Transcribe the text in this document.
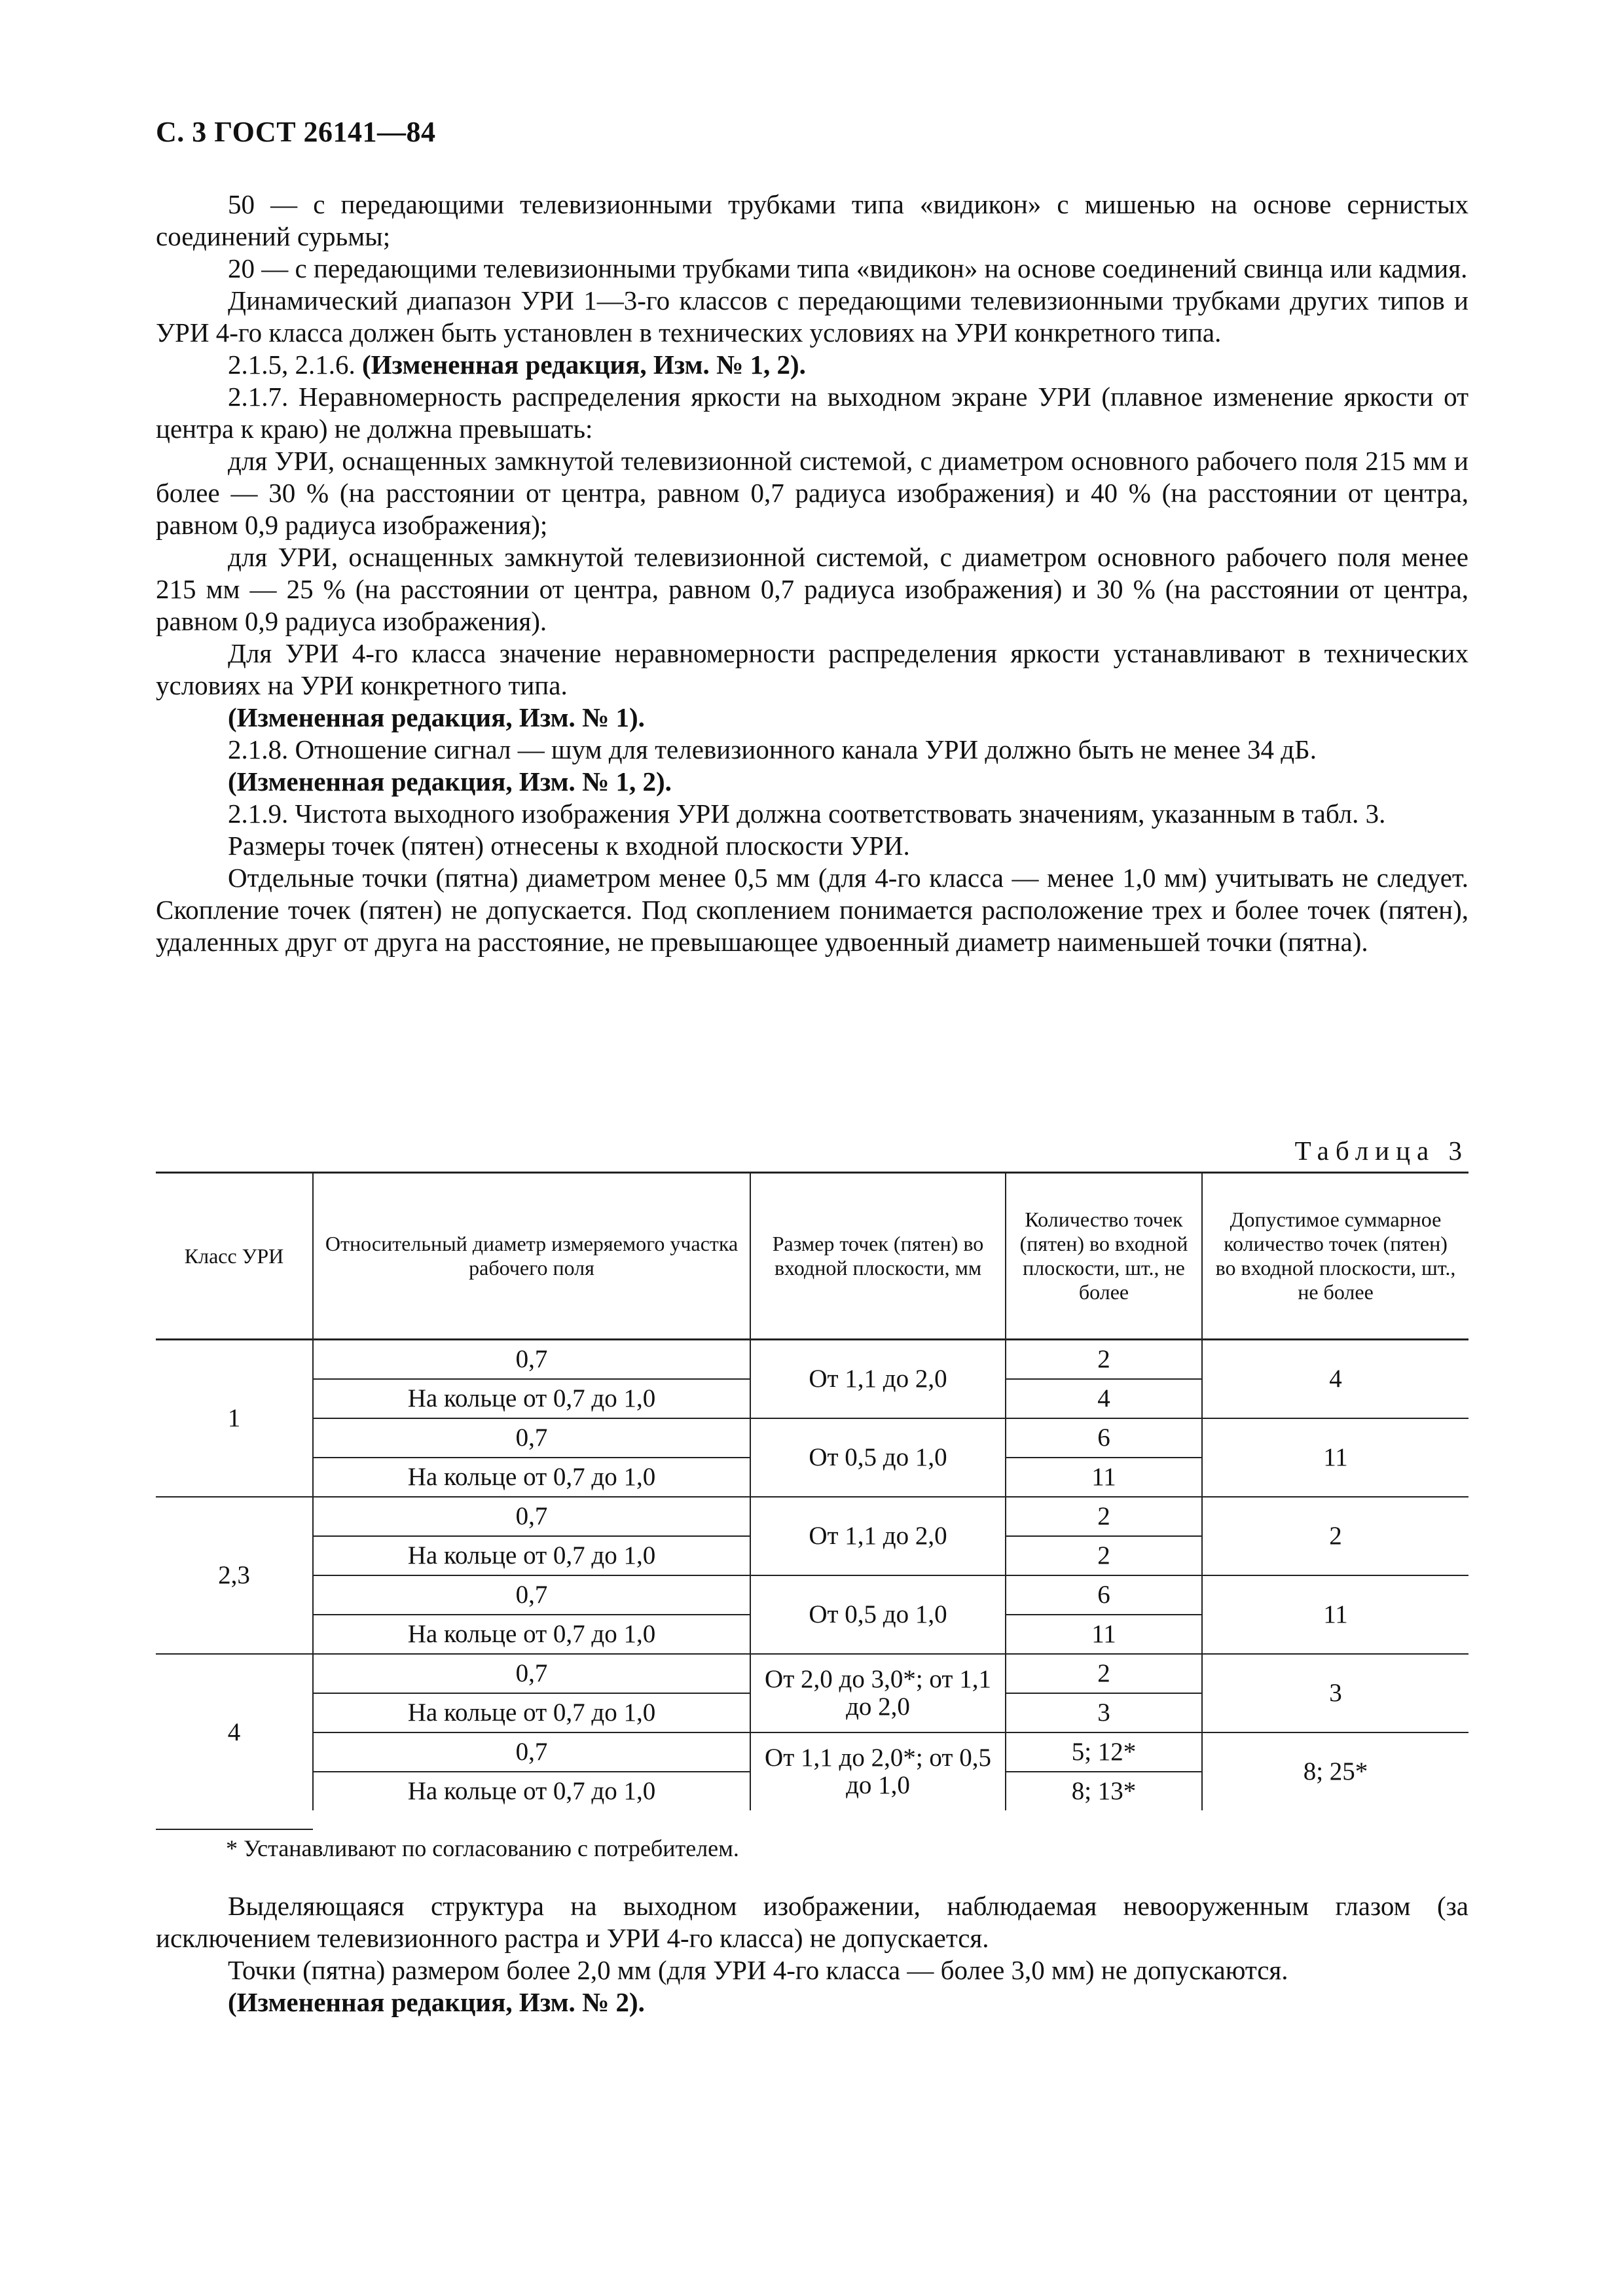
С. 3 ГОСТ 26141—84

50 — с передающими телевизионными трубками типа «видикон» с мишенью на основе сернистых соединений сурьмы;

20 — с передающими телевизионными трубками типа «видикон» на основе соединений свинца или кадмия.

Динамический диапазон УРИ 1—3-го классов с передающими телевизионными трубками других типов и УРИ 4-го класса должен быть установлен в технических условиях на УРИ конкретного типа.

2.1.5, 2.1.6. (Измененная редакция, Изм. № 1, 2).

2.1.7. Неравномерность распределения яркости на выходном экране УРИ (плавное изменение яркости от центра к краю) не должна превышать:

для УРИ, оснащенных замкнутой телевизионной системой, с диаметром основного рабочего поля 215 мм и более — 30 % (на расстоянии от центра, равном 0,7 радиуса изображения) и 40 % (на расстоянии от центра, равном 0,9 радиуса изображения);

для УРИ, оснащенных замкнутой телевизионной системой, с диаметром основного рабочего поля менее 215 мм — 25 % (на расстоянии от центра, равном 0,7 радиуса изображения) и 30 % (на расстоянии от центра, равном 0,9 радиуса изображения).

Для УРИ 4-го класса значение неравномерности распределения яркости устанавливают в технических условиях на УРИ конкретного типа.

(Измененная редакция, Изм. № 1).

2.1.8. Отношение сигнал — шум для телевизионного канала УРИ должно быть не менее 34 дБ.

(Измененная редакция, Изм. № 1, 2).

2.1.9. Чистота выходного изображения УРИ должна соответствовать значениям, указанным в табл. 3.

Размеры точек (пятен) отнесены к входной плоскости УРИ.

Отдельные точки (пятна) диаметром менее 0,5 мм (для 4-го класса — менее 1,0 мм) учитывать не следует. Скопление точек (пятен) не допускается. Под скоплением понимается расположение трех и более точек (пятен), удаленных друг от друга на расстояние, не превышающее удвоенный диаметр наименьшей точки (пятна).

Таблица 3
Класс УРИ	Относительный диаметр измеряемого участка рабочего поля	Размер точек (пятен) во входной плоскости, мм	Количество точек (пятен) во входной плоскости, шт., не более	Допустимое суммарное количество точек (пятен) во входной плоскости, шт., не более
1	0,7	От 1,1 до 2,0	2	4
	На кольце от 0,7 до 1,0		4	
	0,7	От 0,5 до 1,0	6	11
	На кольце от 0,7 до 1,0		11	
2,3	0,7	От 1,1 до 2,0	2	2
	На кольце от 0,7 до 1,0		2	
	0,7	От 0,5 до 1,0	6	11
	На кольце от 0,7 до 1,0		11	
4	0,7	От 2,0 до 3,0*; от 1,1 до 2,0	2	3
	На кольце от 0,7 до 1,0		3	
	0,7	От 1,1 до 2,0*; от 0,5 до 1,0	5; 12*	8; 25*
	На кольце от 0,7 до 1,0		8; 13*	
* Устанавливают по согласованию с потребителем.

Выделяющаяся структура на выходном изображении, наблюдаемая невооруженным глазом (за исключением телевизионного растра и УРИ 4-го класса) не допускается.

Точки (пятна) размером более 2,0 мм (для УРИ 4-го класса — более 3,0 мм) не допускаются.

(Измененная редакция, Изм. № 2).
